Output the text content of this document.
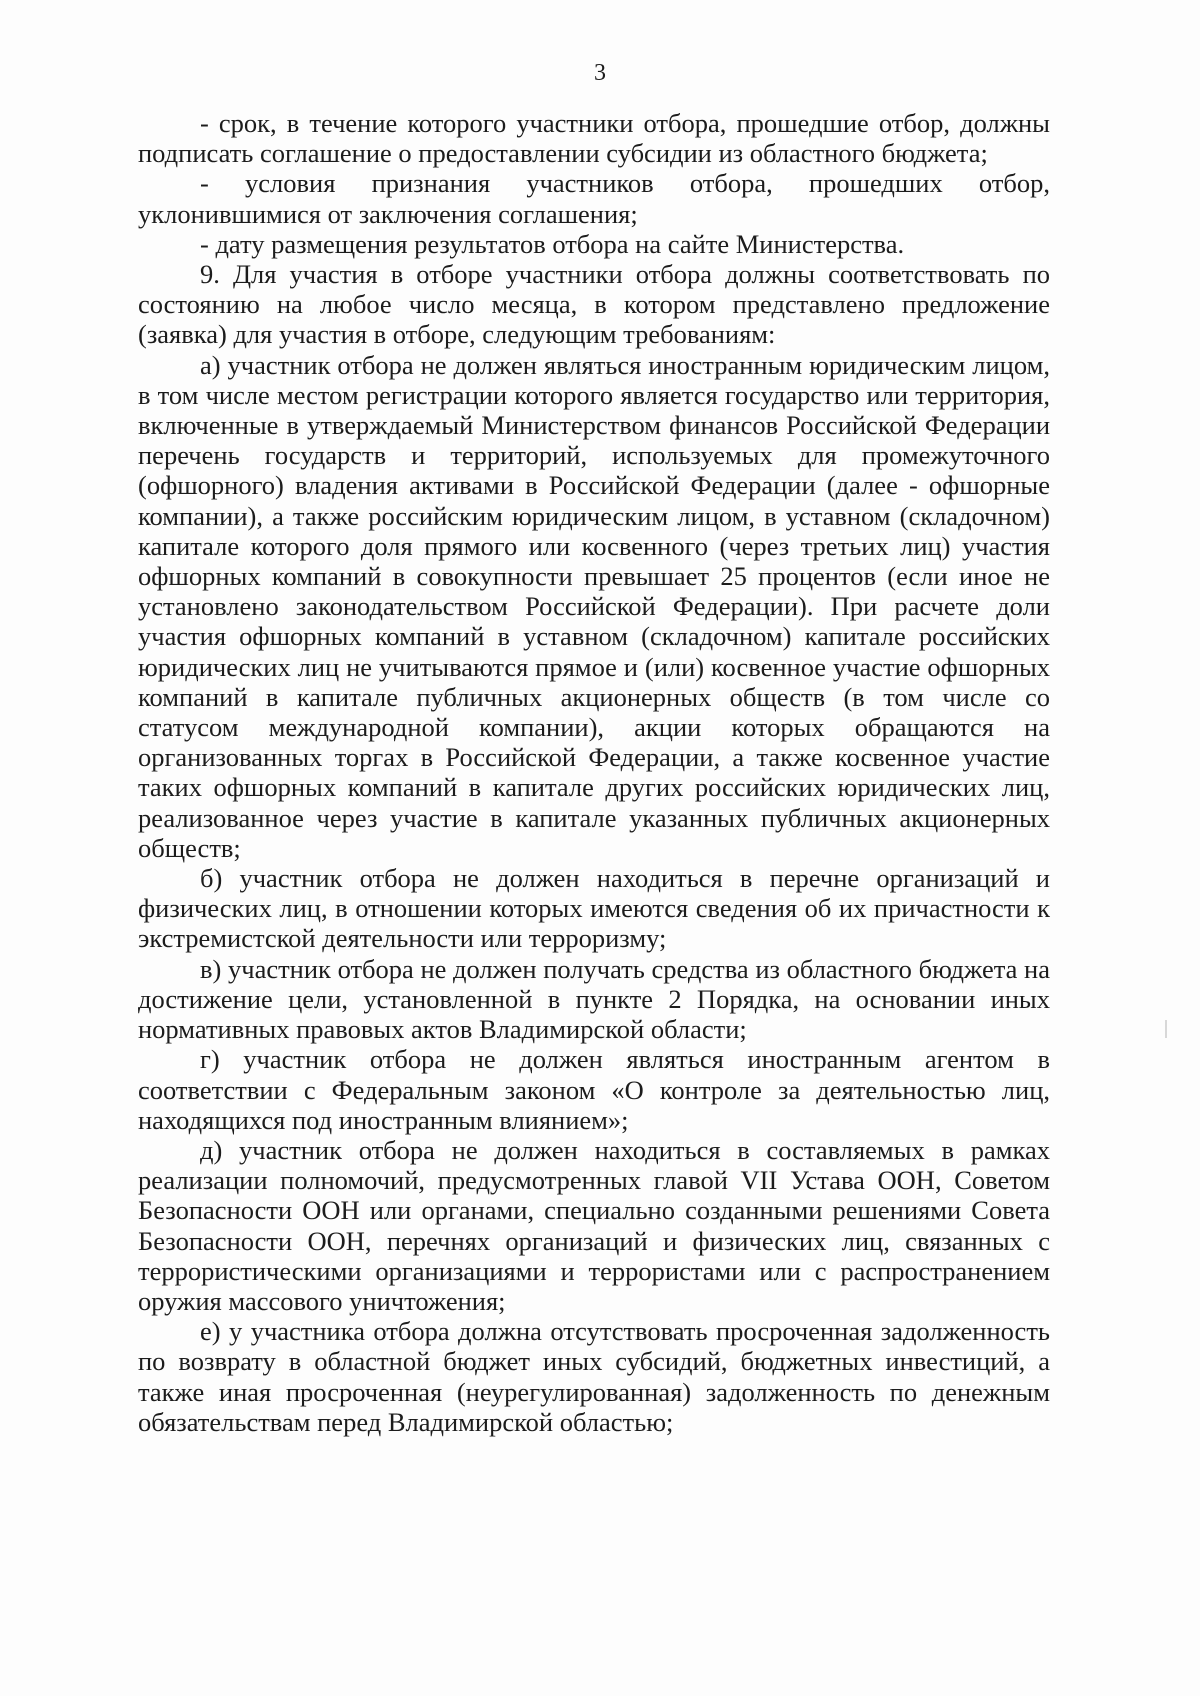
3

- срок, в течение которого участники отбора, прошедшие отбор, должны подписать соглашение о предоставлении субсидии из областного бюджета;

- условия признания участников отбора, прошедших отбор, уклонившимися от заключения соглашения;

- дату размещения результатов отбора на сайте Министерства.

9. Для участия в отборе участники отбора должны соответствовать по состоянию на любое число месяца, в котором представлено предложение (заявка) для участия в отборе, следующим требованиям:

а) участник отбора не должен являться иностранным юридическим лицом, в том числе местом регистрации которого является государство или территория, включенные в утверждаемый Министерством финансов Российской Федерации перечень государств и территорий, используемых для промежуточного (офшорного) владения активами в Российской Федерации (далее - офшорные компании), а также российским юридическим лицом, в уставном (складочном) капитале которого доля прямого или косвенного (через третьих лиц) участия офшорных компаний в совокупности превышает 25 процентов (если иное не установлено законодательством Российской Федерации). При расчете доли участия офшорных компаний в уставном (складочном) капитале российских юридических лиц не учитываются прямое и (или) косвенное участие офшорных компаний в капитале публичных акционерных обществ (в том числе со статусом международной компании), акции которых обращаются на организованных торгах в Российской Федерации, а также косвенное участие таких офшорных компаний в капитале других российских юридических лиц, реализованное через участие в капитале указанных публичных акционерных обществ;

б) участник отбора не должен находиться в перечне организаций и физических лиц, в отношении которых имеются сведения об их причастности к экстремистской деятельности или терроризму;

в) участник отбора не должен получать средства из областного бюджета на достижение цели, установленной в пункте 2 Порядка, на основании иных нормативных правовых актов Владимирской области;

г) участник отбора не должен являться иностранным агентом в соответствии с Федеральным законом «О контроле за деятельностью лиц, находящихся под иностранным влиянием»;

д) участник отбора не должен находиться в составляемых в рамках реализации полномочий, предусмотренных главой VII Устава ООН, Советом Безопасности ООН или органами, специально созданными решениями Совета Безопасности ООН, перечнях организаций и физических лиц, связанных с террористическими организациями и террористами или с распространением оружия массового уничтожения;

е) у участника отбора должна отсутствовать просроченная задолженность по возврату в областной бюджет иных субсидий, бюджетных инвестиций, а также иная просроченная (неурегулированная) задолженность по денежным обязательствам перед Владимирской областью;
